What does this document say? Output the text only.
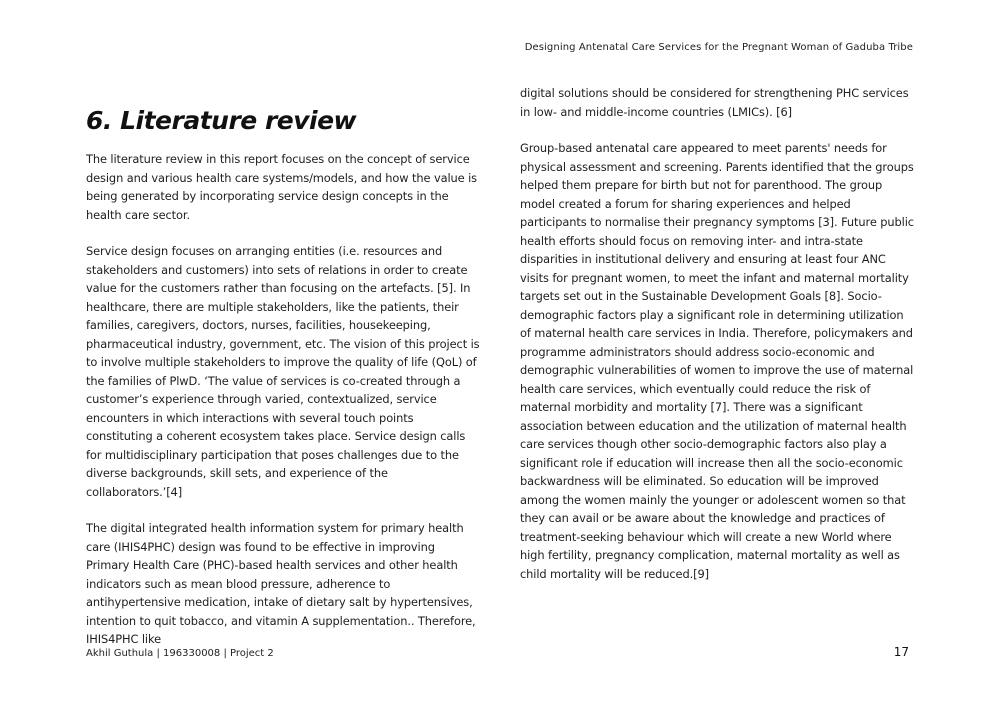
Designing Antenatal Care Services for the Pregnant Woman of Gaduba Tribe
6. Literature review

The literature review in this report focuses on the concept of service design and various health care systems/models, and how the value is being generated by incorporating service design concepts in the health care sector.

Service design focuses on arranging entities (i.e. resources and stakeholders and customers) into sets of relations in order to create value for the customers rather than focusing on the artefacts. [5]. In healthcare, there are multiple stakeholders, like the patients, their families, caregivers, doctors, nurses, facilities, housekeeping, pharmaceutical industry, government, etc. The vision of this project is to involve multiple stakeholders to improve the quality of life (QoL) of the families of PlwD. ‘The value of services is co-created through a customer’s experience through varied, contextualized, service encounters in which interactions with several touch points constituting a coherent ecosystem takes place. Service design calls for multidisciplinary participation that poses challenges due to the diverse backgrounds, skill sets, and experience of the collaborators.’[4]

The digital integrated health information system for primary health care (IHIS4PHC) design was found to be effective in improving Primary Health Care (PHC)-based health services and other health indicators such as mean blood pressure, adherence to antihypertensive medication, intake of dietary salt by hypertensives, intention to quit tobacco, and vitamin A supplementation.. Therefore, IHIS4PHC like

digital solutions should be considered for strengthening PHC services in low- and middle-income countries (LMICs). [6]

Group-based antenatal care appeared to meet parents' needs for physical assessment and screening. Parents identified that the groups helped them prepare for birth but not for parenthood. The group model created a forum for sharing experiences and helped participants to normalise their pregnancy symptoms [3]. Future public health efforts should focus on removing inter- and intra-state disparities in institutional delivery and ensuring at least four ANC visits for pregnant women, to meet the infant and maternal mortality targets set out in the Sustainable Development Goals [8]. Socio-demographic factors play a significant role in determining utilization of maternal health care services in India. Therefore, policymakers and programme administrators should address socio-economic and demographic vulnerabilities of women to improve the use of maternal health care services, which eventually could reduce the risk of maternal morbidity and mortality [7]. There was a significant association between education and the utilization of maternal health care services though other socio-demographic factors also play a significant role if education will increase then all the socio-economic backwardness will be eliminated. So education will be improved among the women mainly the younger or adolescent women so that they can avail or be aware about the knowledge and practices of treatment-seeking behaviour which will create a new World where high fertility, pregnancy complication, maternal mortality as well as child mortality will be reduced.[9]

Akhil Guthula | 196330008 | Project 2	17
